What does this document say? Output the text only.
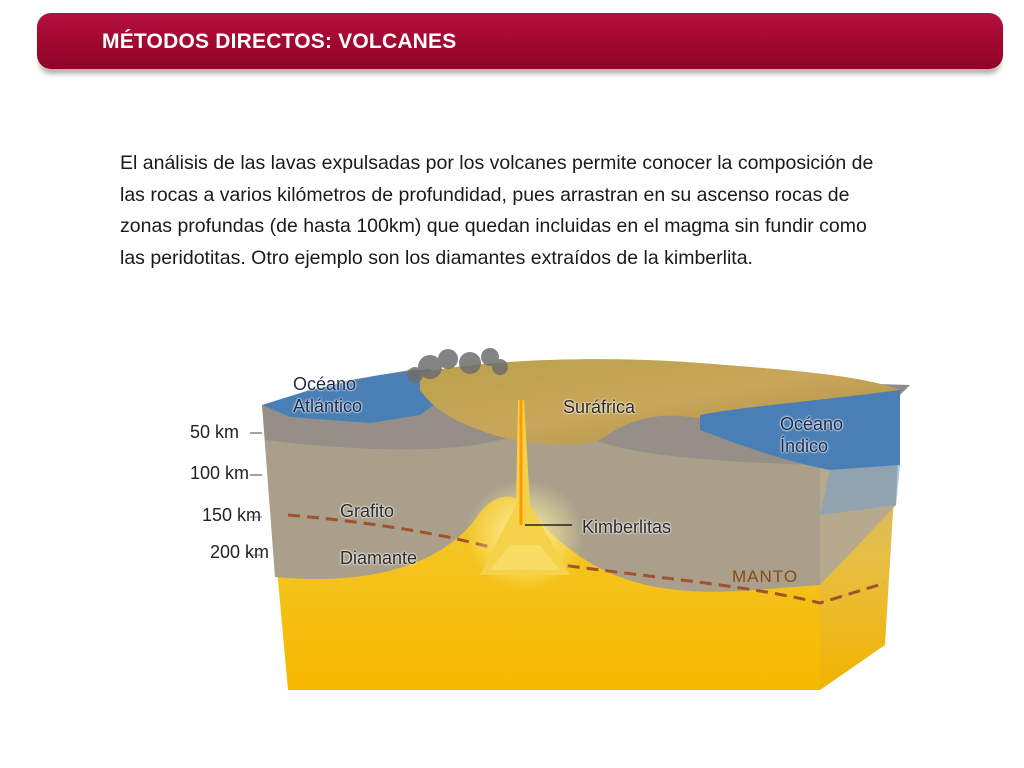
MÉTODOS DIRECTOS: VOLCANES
El análisis de las lavas expulsadas por los volcanes permite conocer la composición de las rocas a varios kilómetros de profundidad, pues arrastran en su ascenso rocas de zonas profundas (de hasta 100km) que quedan incluidas en el magma sin fundir como las peridotitas. Otro ejemplo son los diamantes extraídos de la kimberlita.
Océano
Atlántico	Suráfrica
Océano
Índico
50 km
100 km
150 km
200 km
Grafito
Diamante
Kimberlitas
MANTO
